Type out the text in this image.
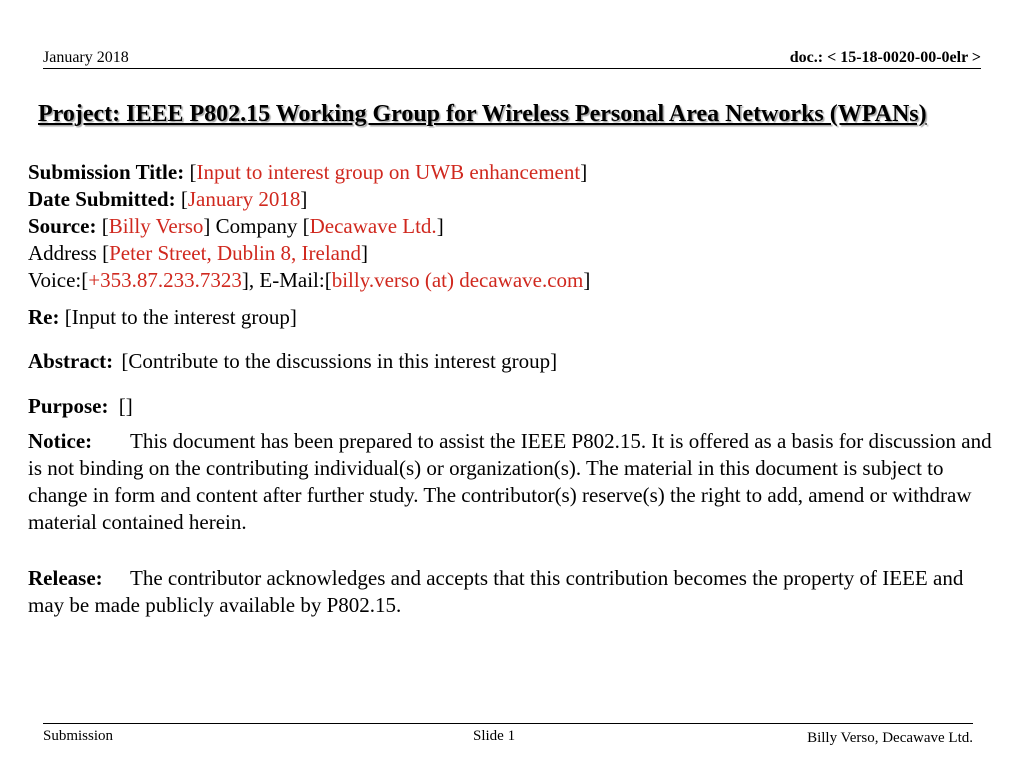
January 2018	doc.: < 15-18-0020-00-0elr >
Project: IEEE P802.15 Working Group for Wireless Personal Area Networks (WPANs)
Submission Title: [Input to interest group on UWB enhancement]
Date Submitted: [January 2018]
Source: [Billy Verso] Company [Decawave Ltd.]
Address [Peter Street, Dublin 8, Ireland]
Voice:[+353.87.233.7323], E-Mail:[billy.verso (at) decawave.com]
Re: [Input to the interest group]
Abstract: [Contribute to the discussions in this interest group]
Purpose: []
Notice: This document has been prepared to assist the IEEE P802.15. It is offered as a basis for discussion and is not binding on the contributing individual(s) or organization(s). The material in this document is subject to change in form and content after further study. The contributor(s) reserve(s) the right to add, amend or withdraw material contained herein.
Release: The contributor acknowledges and accepts that this contribution becomes the property of IEEE and may be made publicly available by P802.15.
Submission	Slide 1	Billy Verso, Decawave Ltd.
